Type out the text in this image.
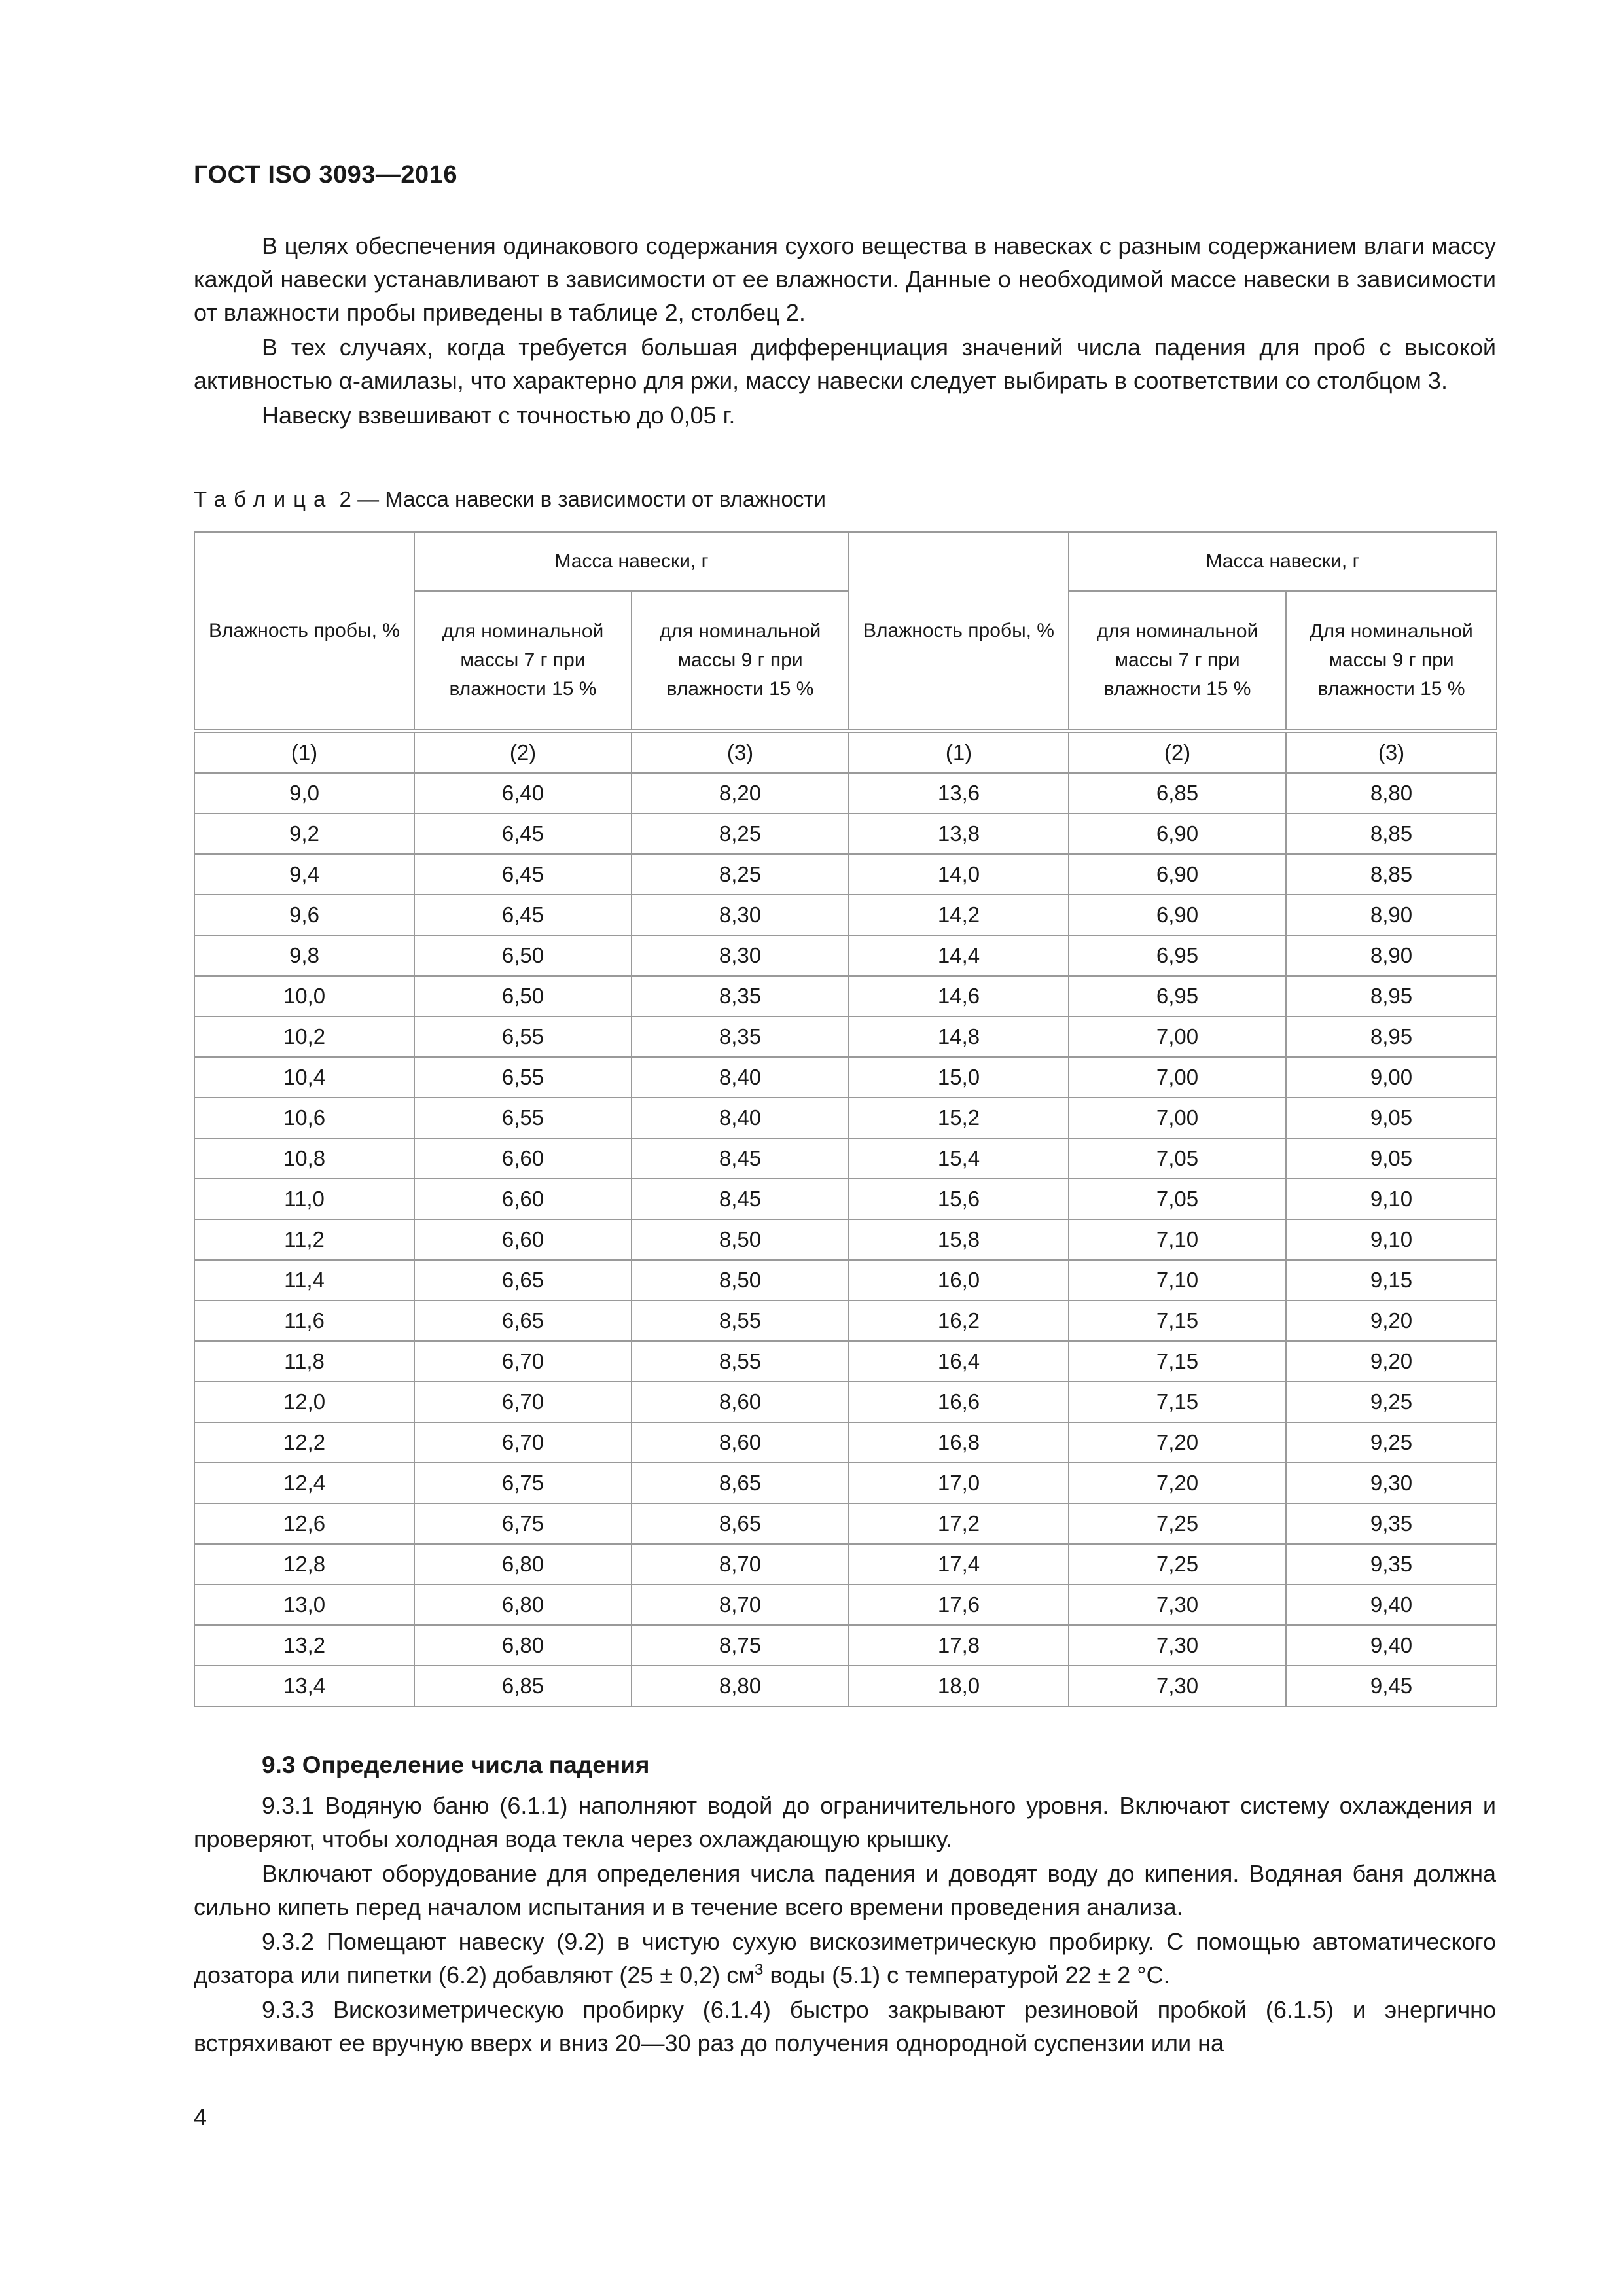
ГОСТ ISO 3093—2016

В целях обеспечения одинакового содержания сухого вещества в навесках с разным содержанием влаги массу каждой навески устанавливают в зависимости от ее влажности. Данные о необходимой массе навески в зависимости от влажности пробы приведены в таблице 2, столбец 2.

В тех случаях, когда требуется большая дифференциация значений числа падения для проб с высокой активностью α-амилазы, что характерно для ржи, массу навески следует выбирать в соответствии со столбцом 3.

Навеску взвешивают с точностью до 0,05 г.

Таблица 2 — Масса навески в зависимости от влажности
Влажность пробы, %	Масса навески, г		Влажность пробы, %	Масса навески, г	
	для номинальной массы 7 г при влажности 15 %	для номинальной массы 9 г при влажности 15 %		для номинальной массы 7 г при влажности 15 %	Для номинальной массы 9 г при влажности 15 %
(1)	(2)	(3)	(1)	(2)	(3)
9,0	6,40	8,20	13,6	6,85	8,80
9,2	6,45	8,25	13,8	6,90	8,85
9,4	6,45	8,25	14,0	6,90	8,85
9,6	6,45	8,30	14,2	6,90	8,90
9,8	6,50	8,30	14,4	6,95	8,90
10,0	6,50	8,35	14,6	6,95	8,95
10,2	6,55	8,35	14,8	7,00	8,95
10,4	6,55	8,40	15,0	7,00	9,00
10,6	6,55	8,40	15,2	7,00	9,05
10,8	6,60	8,45	15,4	7,05	9,05
11,0	6,60	8,45	15,6	7,05	9,10
11,2	6,60	8,50	15,8	7,10	9,10
11,4	6,65	8,50	16,0	7,10	9,15
11,6	6,65	8,55	16,2	7,15	9,20
11,8	6,70	8,55	16,4	7,15	9,20
12,0	6,70	8,60	16,6	7,15	9,25
12,2	6,70	8,60	16,8	7,20	9,25
12,4	6,75	8,65	17,0	7,20	9,30
12,6	6,75	8,65	17,2	7,25	9,35
12,8	6,80	8,70	17,4	7,25	9,35
13,0	6,80	8,70	17,6	7,30	9,40
13,2	6,80	8,75	17,8	7,30	9,40
13,4	6,85	8,80	18,0	7,30	9,45
9.3 Определение числа падения

9.3.1 Водяную баню (6.1.1) наполняют водой до ограничительного уровня. Включают систему охлаждения и проверяют, чтобы холодная вода текла через охлаждающую крышку.

Включают оборудование для определения числа падения и доводят воду до кипения. Водяная баня должна сильно кипеть перед началом испытания и в течение всего времени проведения анализа.

9.3.2 Помещают навеску (9.2) в чистую сухую вискозиметрическую пробирку. С помощью автоматического дозатора или пипетки (6.2) добавляют (25 ± 0,2) $см^3$ воды (5.1) с температурой 22 ± 2 °С.

9.3.3 Вискозиметрическую пробирку (6.1.4) быстро закрывают резиновой пробкой (6.1.5) и энергично встряхивают ее вручную вверх и вниз 20—30 раз до получения однородной суспензии или на

4
